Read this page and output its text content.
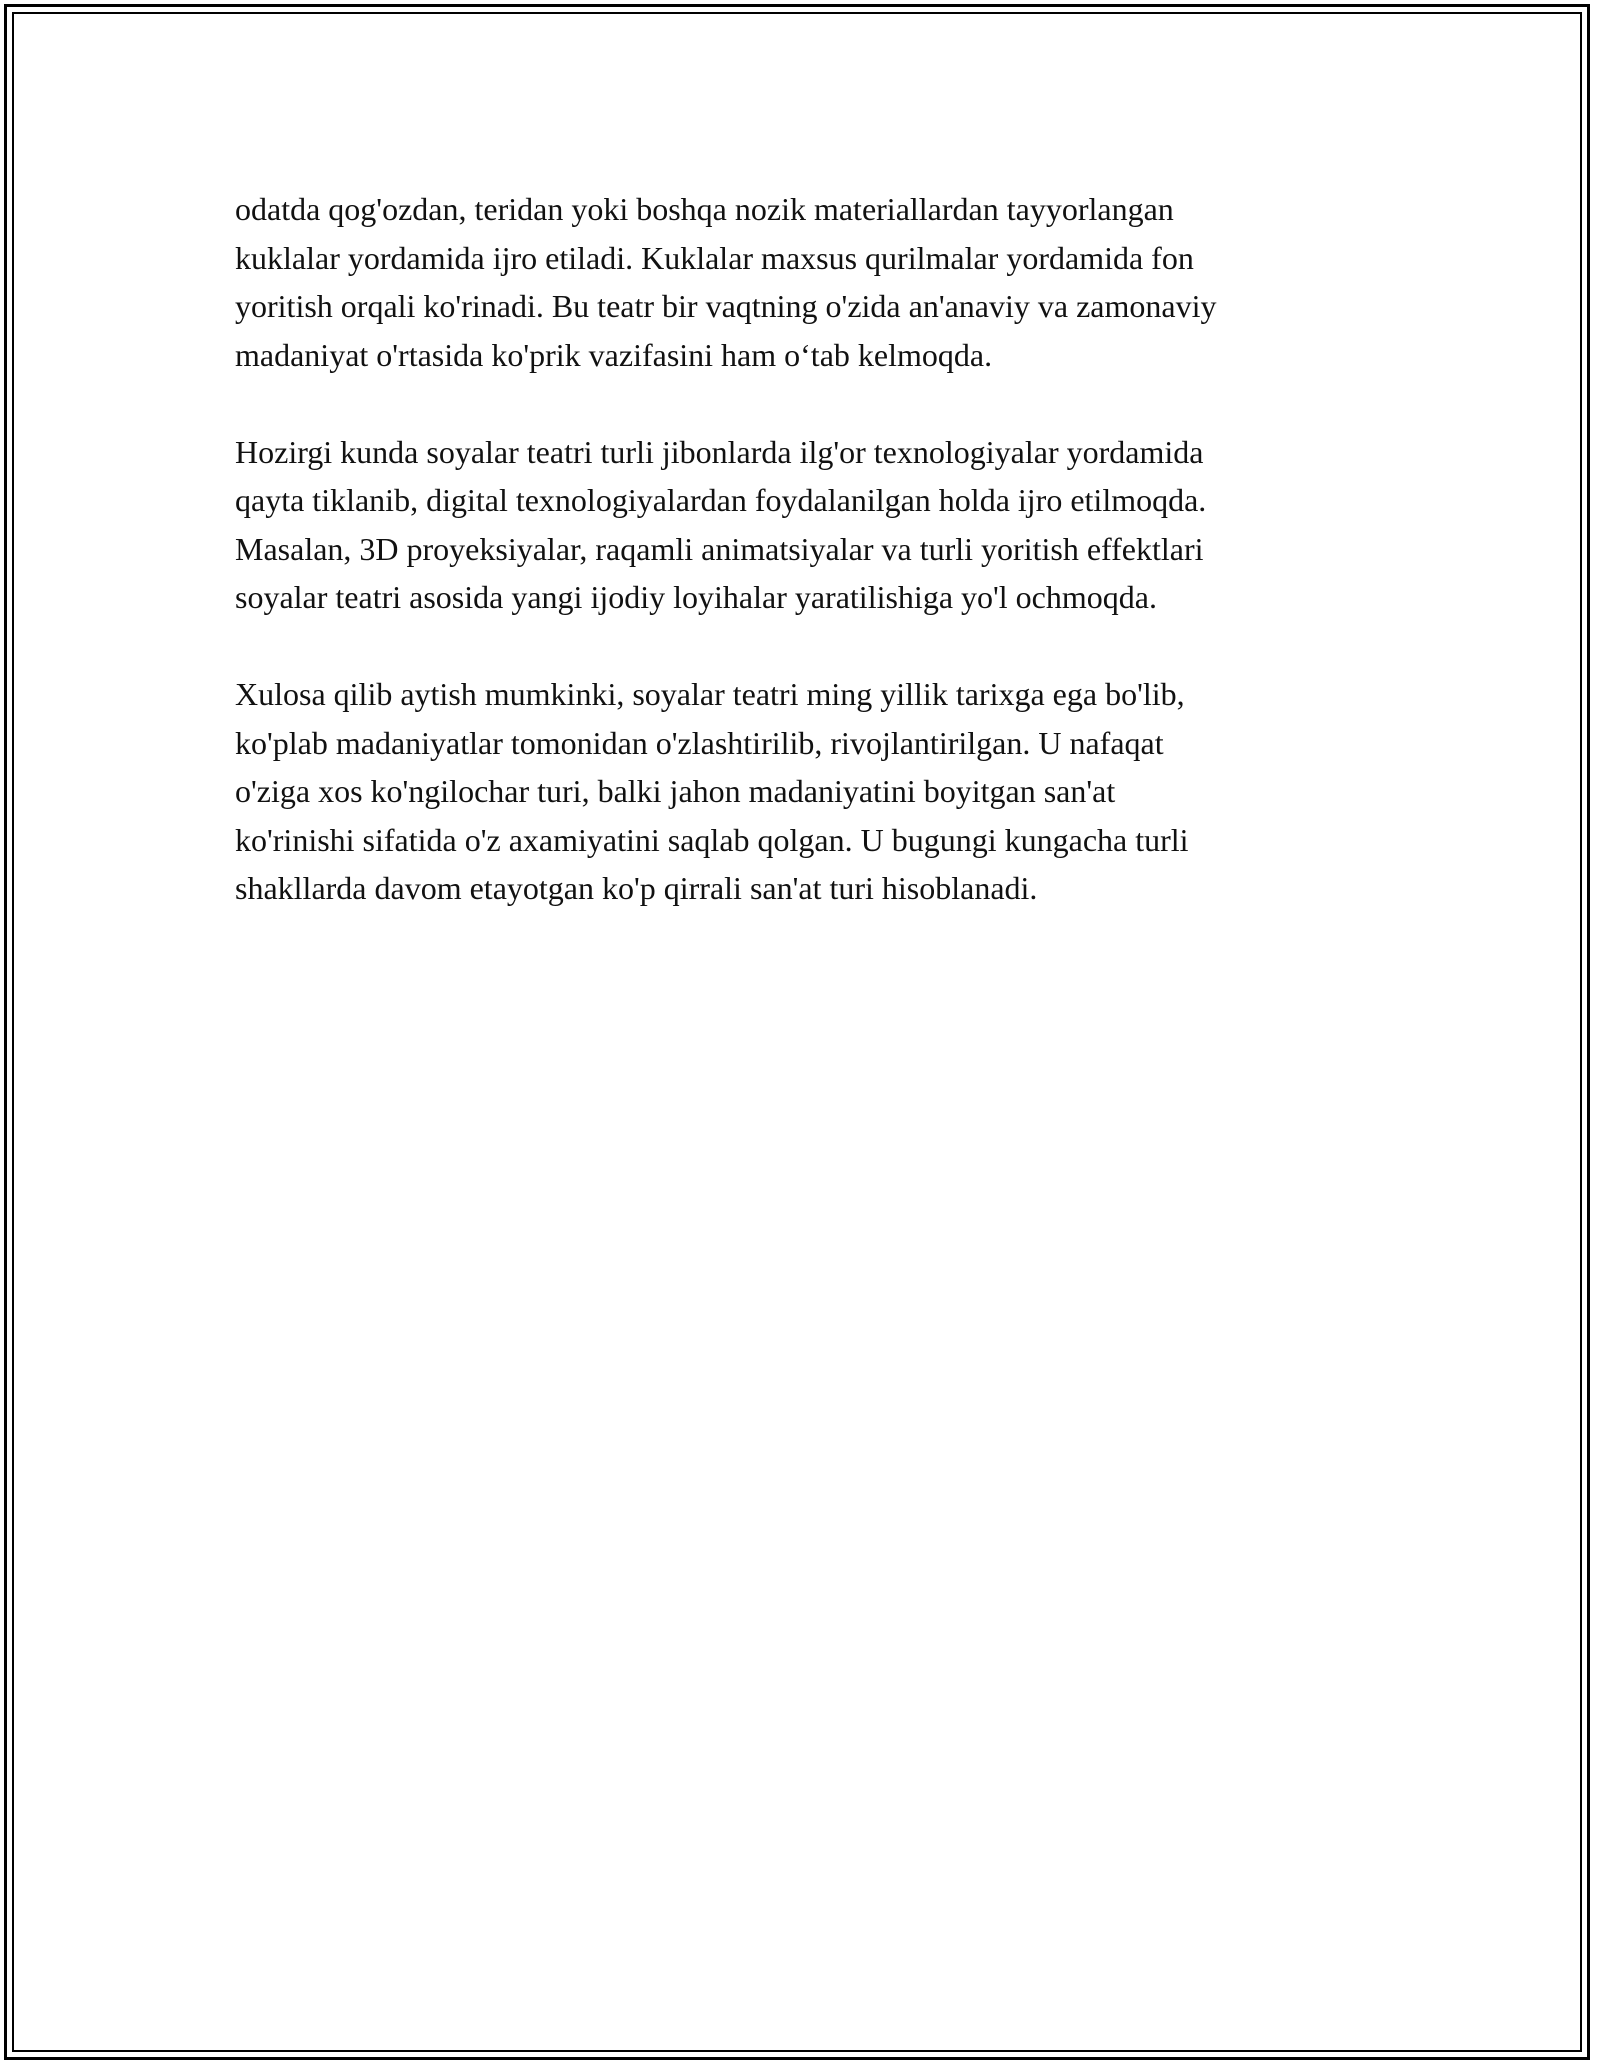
odatda qog'ozdan, teridan yoki boshqa nozik materiallardan tayyorlangan
kuklalar yordamida ijro etiladi. Kuklalar maxsus qurilmalar yordamida fon
yoritish orqali ko'rinadi. Bu teatr bir vaqtning o'zida an'anaviy va zamonaviy
madaniyat o'rtasida ko'prik vazifasini ham o‘tab kelmoqda.

Hozirgi kunda soyalar teatri turli jibonlarda ilg'or texnologiyalar yordamida
qayta tiklanib, digital texnologiyalardan foydalanilgan holda ijro etilmoqda.
Masalan, 3D proyeksiyalar, raqamli animatsiyalar va turli yoritish effektlari
soyalar teatri asosida yangi ijodiy loyihalar yaratilishiga yo'l ochmoqda.

Xulosa qilib aytish mumkinki, soyalar teatri ming yillik tarixga ega bo'lib,
ko'plab madaniyatlar tomonidan o'zlashtirilib, rivojlantirilgan. U nafaqat
o'ziga xos ko'ngilochar turi, balki jahon madaniyatini boyitgan san'at
ko'rinishi sifatida o'z axamiyatini saqlab qolgan. U bugungi kungacha turli
shakllarda davom etayotgan ko'p qirrali san'at turi hisoblanadi.
